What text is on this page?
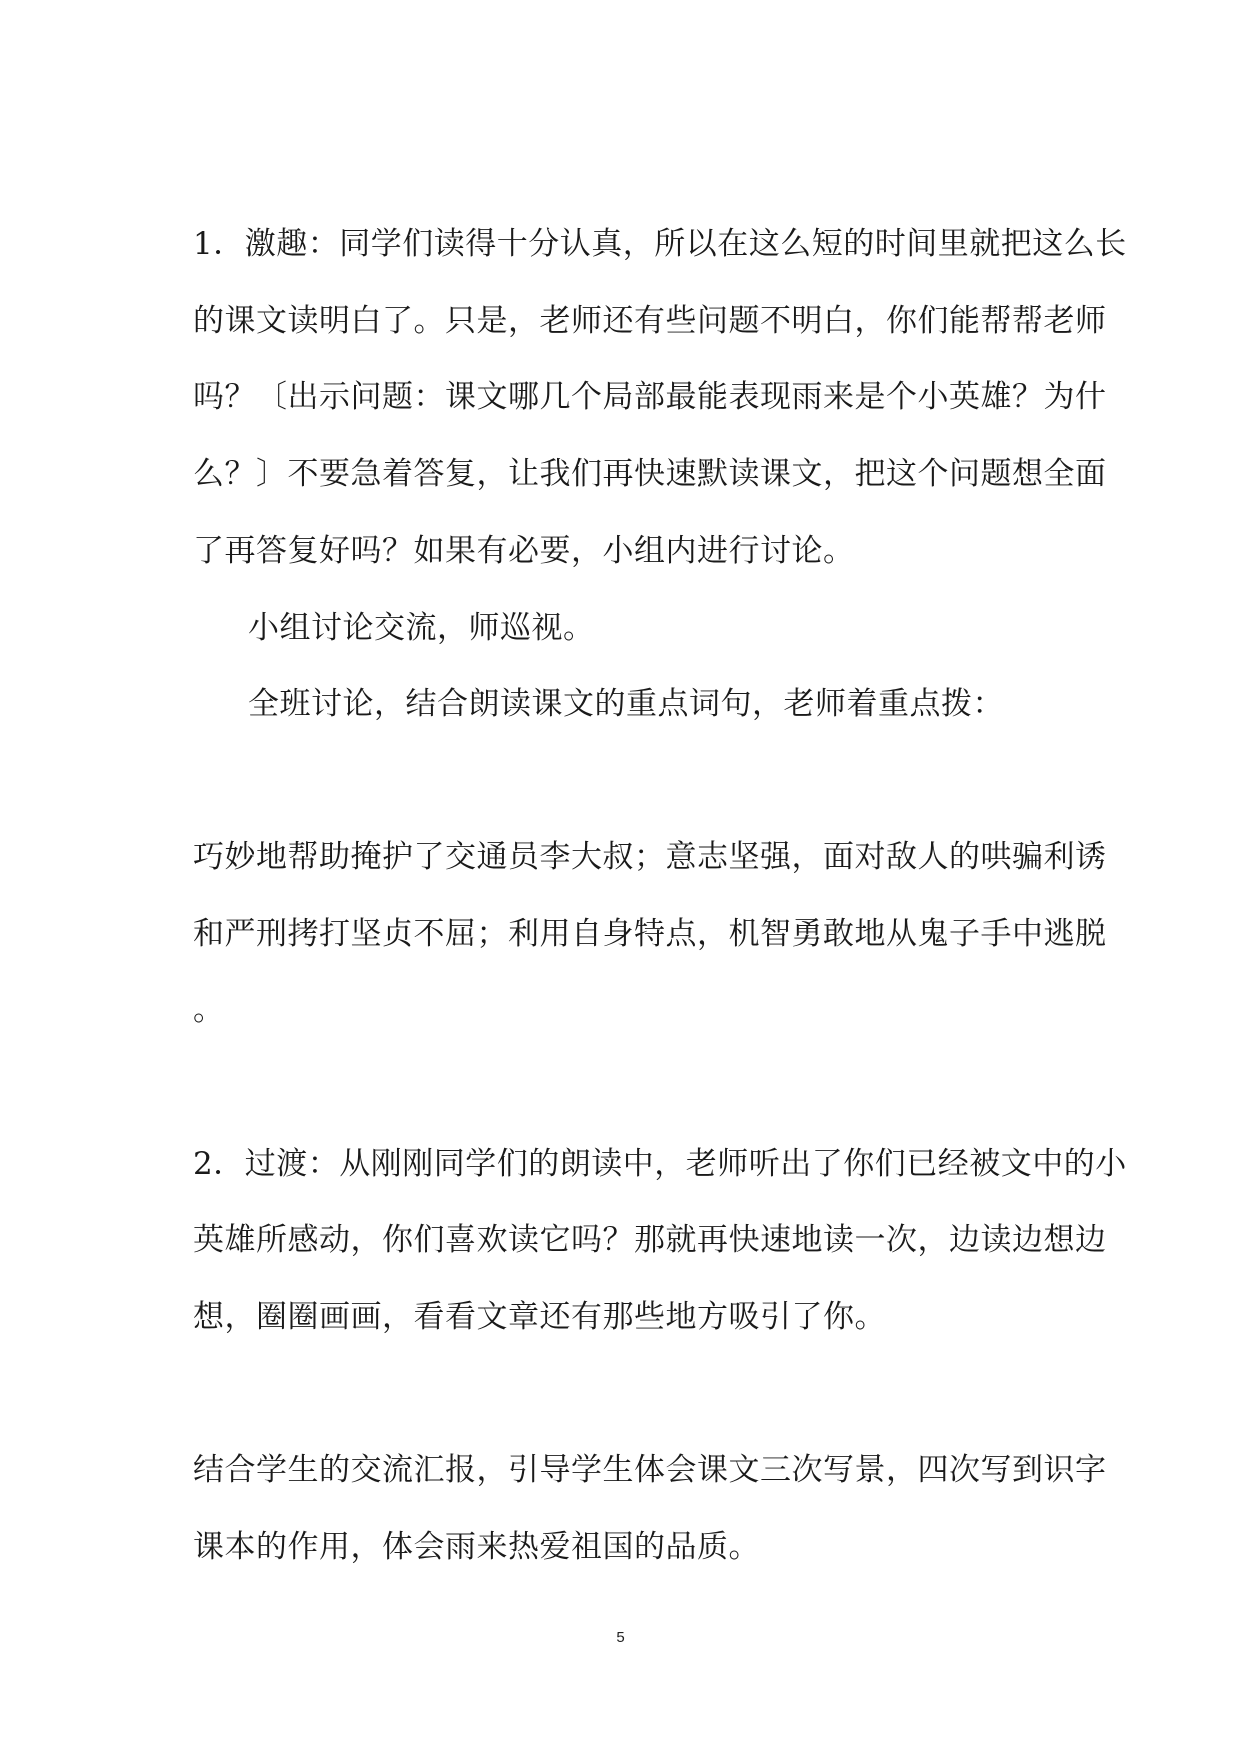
1．激趣：同学们读得十分认真，所以在这么短的时间里就把这么长
的课文读明白了。只是，老师还有些问题不明白，你们能帮帮老师
吗？〔出示问题：课文哪几个局部最能表现雨来是个小英雄？为什
么？〕不要急着答复，让我们再快速默读课文，把这个问题想全面
了再答复好吗？如果有必要，小组内进行讨论。
小组讨论交流，师巡视。
全班讨论，结合朗读课文的重点词句，老师着重点拨：
巧妙地帮助掩护了交通员李大叔；意志坚强，面对敌人的哄骗利诱
和严刑拷打坚贞不屈；利用自身特点，机智勇敢地从鬼子手中逃脱
。
2．过渡：从刚刚同学们的朗读中，老师听出了你们已经被文中的小
英雄所感动，你们喜欢读它吗？那就再快速地读一次，边读边想边
想，圈圈画画，看看文章还有那些地方吸引了你。
结合学生的交流汇报，引导学生体会课文三次写景，四次写到识字
课本的作用，体会雨来热爱祖国的品质。
5
